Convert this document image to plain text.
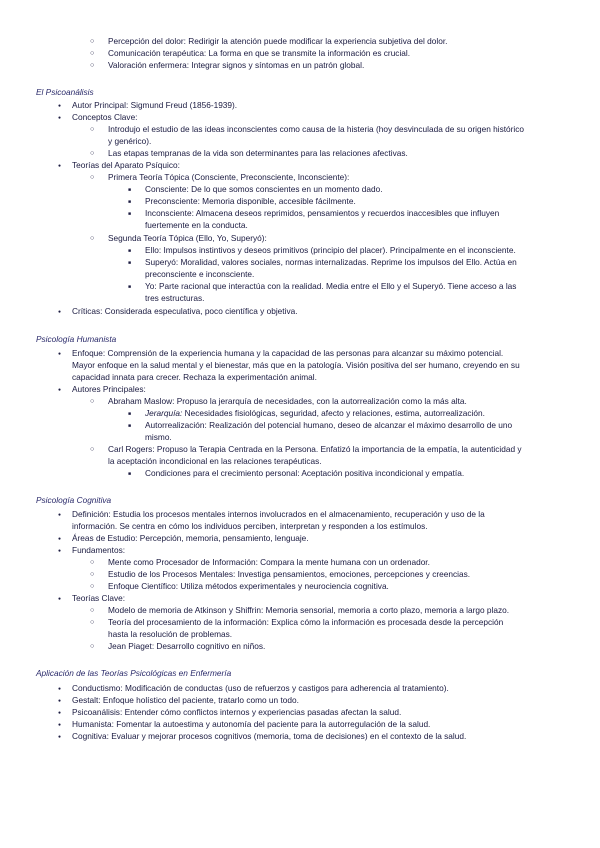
○
Percepción del dolor: Redirigir la atención puede modificar la experiencia subjetiva del dolor.
○
Comunicación terapéutica: La forma en que se transmite la información es crucial.
○
Valoración enfermera: Integrar signos y síntomas en un patrón global.
El Psicoanálisis
●
Autor Principal: Sigmund Freud (1856-1939).
●
Conceptos Clave:
○
Introdujo el estudio de las ideas inconscientes como causa de la histeria (hoy desvinculada de su origen histórico
y genérico).
○
Las etapas tempranas de la vida son determinantes para las relaciones afectivas.
●
Teorías del Aparato Psíquico:
○
Primera Teoría Tópica (Consciente, Preconsciente, Inconsciente):
■
Consciente: De lo que somos conscientes en un momento dado.
■
Preconsciente: Memoria disponible, accesible fácilmente.
■
Inconsciente: Almacena deseos reprimidos, pensamientos y recuerdos inaccesibles que influyen
fuertemente en la conducta.
○
Segunda Teoría Tópica (Ello, Yo, Superyó):
■
Ello: Impulsos instintivos y deseos primitivos (principio del placer). Principalmente en el inconsciente.
■
Superyó: Moralidad, valores sociales, normas internalizadas. Reprime los impulsos del Ello. Actúa en
preconsciente e inconsciente.
■
Yo: Parte racional que interactúa con la realidad. Media entre el Ello y el Superyó. Tiene acceso a las
tres estructuras.
●
Críticas: Considerada especulativa, poco científica y objetiva.
Psicología Humanista
●
Enfoque: Comprensión de la experiencia humana y la capacidad de las personas para alcanzar su máximo potencial.
Mayor enfoque en la salud mental y el bienestar, más que en la patología. Visión positiva del ser humano, creyendo en su
capacidad innata para crecer. Rechaza la experimentación animal.
●
Autores Principales:
○
Abraham Maslow: Propuso la jerarquía de necesidades, con la autorrealización como la más alta.
■
Jerarquía: Necesidades fisiológicas, seguridad, afecto y relaciones, estima, autorrealización.
■
Autorrealización: Realización del potencial humano, deseo de alcanzar el máximo desarrollo de uno
mismo.
○
Carl Rogers: Propuso la Terapia Centrada en la Persona. Enfatizó la importancia de la empatía, la autenticidad y
la aceptación incondicional en las relaciones terapéuticas.
■
Condiciones para el crecimiento personal: Aceptación positiva incondicional y empatía.
Psicología Cognitiva
●
Definición: Estudia los procesos mentales internos involucrados en el almacenamiento, recuperación y uso de la
información. Se centra en cómo los individuos perciben, interpretan y responden a los estímulos.
●
Áreas de Estudio: Percepción, memoria, pensamiento, lenguaje.
●
Fundamentos:
○
Mente como Procesador de Información: Compara la mente humana con un ordenador.
○
Estudio de los Procesos Mentales: Investiga pensamientos, emociones, percepciones y creencias.
○
Enfoque Científico: Utiliza métodos experimentales y neurociencia cognitiva.
●
Teorías Clave:
○
Modelo de memoria de Atkinson y Shiffrin: Memoria sensorial, memoria a corto plazo, memoria a largo plazo.
○
Teoría del procesamiento de la información: Explica cómo la información es procesada desde la percepción
hasta la resolución de problemas.
○
Jean Piaget: Desarrollo cognitivo en niños.
Aplicación de las Teorías Psicológicas en Enfermería
●
Conductismo: Modificación de conductas (uso de refuerzos y castigos para adherencia al tratamiento).
●
Gestalt: Enfoque holístico del paciente, tratarlo como un todo.
●
Psicoanálisis: Entender cómo conflictos internos y experiencias pasadas afectan la salud.
●
Humanista: Fomentar la autoestima y autonomía del paciente para la autorregulación de la salud.
●
Cognitiva: Evaluar y mejorar procesos cognitivos (memoria, toma de decisiones) en el contexto de la salud.
